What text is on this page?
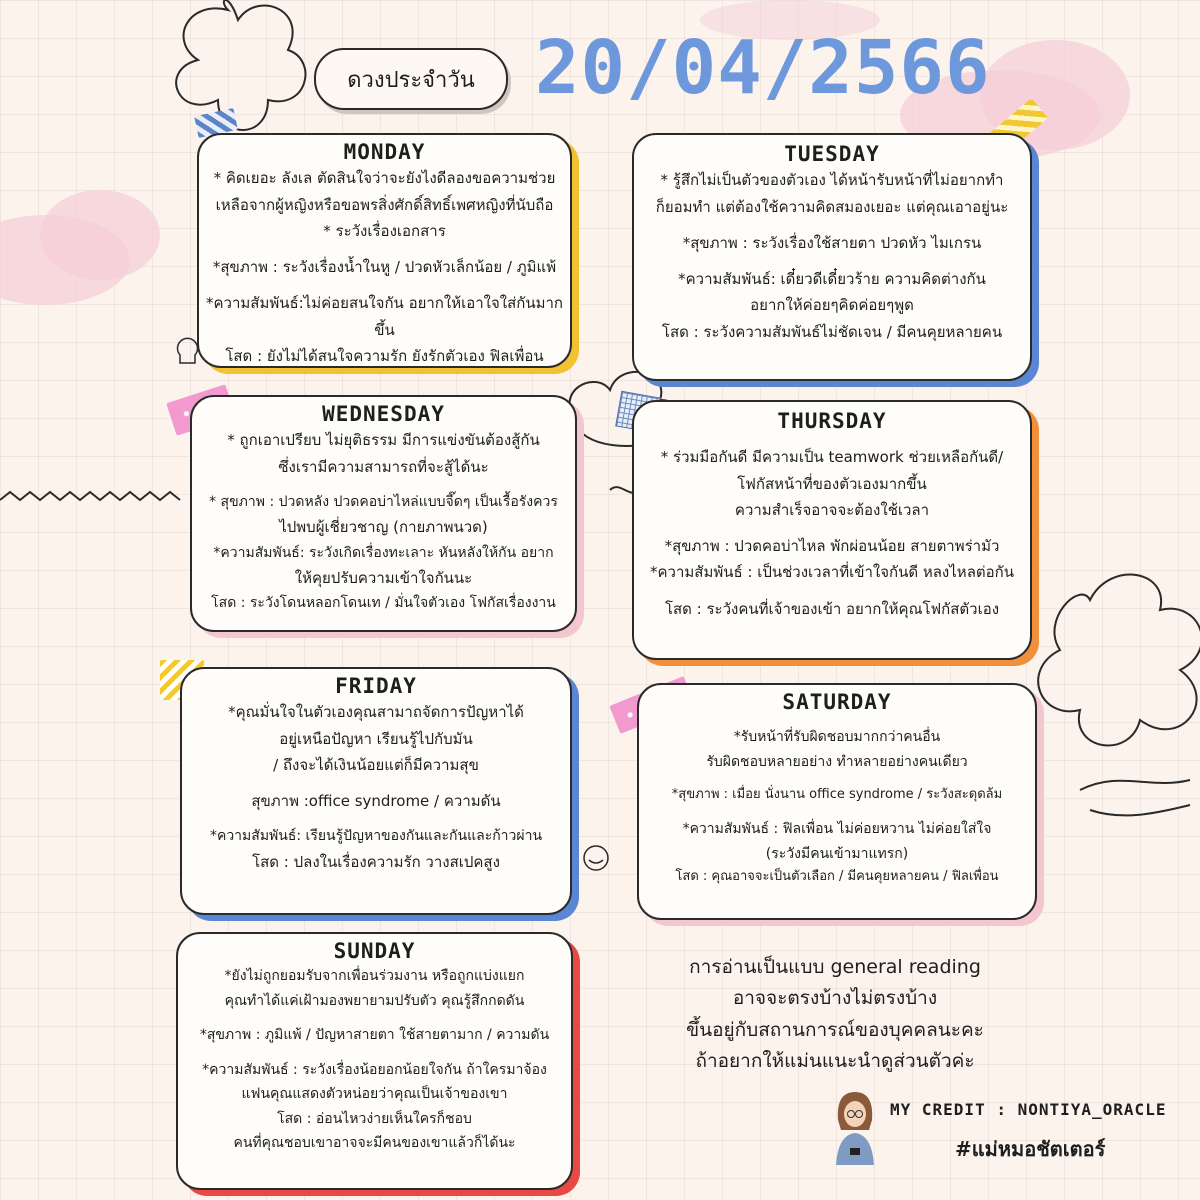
ดวงประจำวัน 20/04/2566
MONDAY

* คิดเยอะ ลังเล ตัดสินใจว่าจะยังไงดีลองขอความช่วย

เหลือจากผู้หญิงหรือขอพรสิ่งศักดิ์สิทธิ์เพศหญิงที่นับถือ

* ระวังเรื่องเอกสาร

*สุขภาพ : ระวังเรื่องน้ำในหู / ปวดหัวเล็กน้อย / ภูมิแพ้

*ความสัมพันธ์:ไม่ค่อยสนใจกัน อยากให้เอาใจใส่กันมากขึ้น

โสด : ยังไม่ได้สนใจความรัก ยังรักตัวเอง ฟิลเพื่อน

TUESDAY

* รู้สึกไม่เป็นตัวของตัวเอง ได้หน้ารับหน้าที่ไม่อยากทำ

ก็ยอมทำ แต่ต้องใช้ความคิดสมองเยอะ แต่คุณเอาอยู่นะ

*สุขภาพ : ระวังเรื่องใช้สายตา ปวดหัว ไมเกรน

*ความสัมพันธ์: เดี๋ยวดีเดี๋ยวร้าย ความคิดต่างกัน

อยากให้ค่อยๆคิดค่อยๆพูด

โสด : ระวังความสัมพันธ์ไม่ชัดเจน / มีคนคุยหลายคน

WEDNESDAY

* ถูกเอาเปรียบ ไม่ยุติธรรม มีการแข่งขันต้องสู้กัน

ซึ่งเรามีความสามารถที่จะสู้ได้นะ

* สุขภาพ : ปวดหลัง ปวดคอบ่าไหล่แบบจี๊ดๆ เป็นเรื้อรังควร

ไปพบผู้เชี่ยวชาญ (กายภาพนวด)

*ความสัมพันธ์: ระวังเกิดเรื่องทะเลาะ หันหลังให้กัน อยาก

ให้คุยปรับความเข้าใจกันนะ

โสด : ระวังโดนหลอกโดนเท / มั่นใจตัวเอง โฟกัสเรื่องงาน

THURSDAY

* ร่วมมือกันดี มีความเป็น teamwork ช่วยเหลือกันดี/

โฟกัสหน้าที่ของตัวเองมากขึ้น

ความสำเร็จอาจจะต้องใช้เวลา

*สุขภาพ : ปวดคอบ่าไหล พักผ่อนน้อย สายตาพร่ามัว

*ความสัมพันธ์ : เป็นช่วงเวลาที่เข้าใจกันดี หลงไหลต่อกัน

โสด : ระวังคนที่เจ้าของเข้า อยากให้คุณโฟกัสตัวเอง

FRIDAY

*คุณมั่นใจในตัวเองคุณสามาถจัดการปัญหาได้

อยู่เหนือปัญหา เรียนรู้ไปกับมัน

/ ถึงจะได้เงินน้อยแต่ก็มีความสุข

สุขภาพ :office syndrome / ความดัน

*ความสัมพันธ์: เรียนรู้ปัญหาของกันและกันและก้าวผ่าน

โสด : ปลงในเรื่องความรัก วางสเปคสูง

SATURDAY

*รับหน้าที่รับผิดชอบมากกว่าคนอื่น

รับผิดชอบหลายอย่าง ทำหลายอย่างคนเดียว

*สุขภาพ : เมื่อย นั่งนาน office syndrome / ระวังสะดุดล้ม

*ความสัมพันธ์ : ฟิลเพื่อน ไม่ค่อยหวาน ไม่ค่อยใส่ใจ

(ระวังมีคนเข้ามาแทรก)

โสด : คุณอาจจะเป็นตัวเลือก / มีคนคุยหลายคน / ฟิลเพื่อน

SUNDAY

*ยังไม่ถูกยอมรับจากเพื่อนร่วมงาน หรือถูกแบ่งแยก

คุณทำได้แค่เฝ้ามองพยายามปรับตัว คุณรู้สึกกดดัน

*สุขภาพ : ภูมิแพ้ / ปัญหาสายตา ใช้สายตามาก / ความดัน

*ความสัมพันธ์ : ระวังเรื่องน้อยอกน้อยใจกัน ถ้าใครมาจ้อง

แฟนคุณแสดงตัวหน่อยว่าคุณเป็นเจ้าของเขา

โสด : อ่อนไหวง่ายเห็นใครก็ชอบ

คนที่คุณชอบเขาอาจจะมีคนของเขาแล้วก็ได้นะ

การอ่านเป็นแบบ general reading
อาจจะตรงบ้างไม่ตรงบ้าง
ขึ้นอยู่กับสถานการณ์ของบุคคลนะคะ
ถ้าอยากให้แม่นแนะนำดูส่วนตัวค่ะ
MY CREDIT : NONTIYA_ORACLE
#แม่หมอชัตเตอร์
